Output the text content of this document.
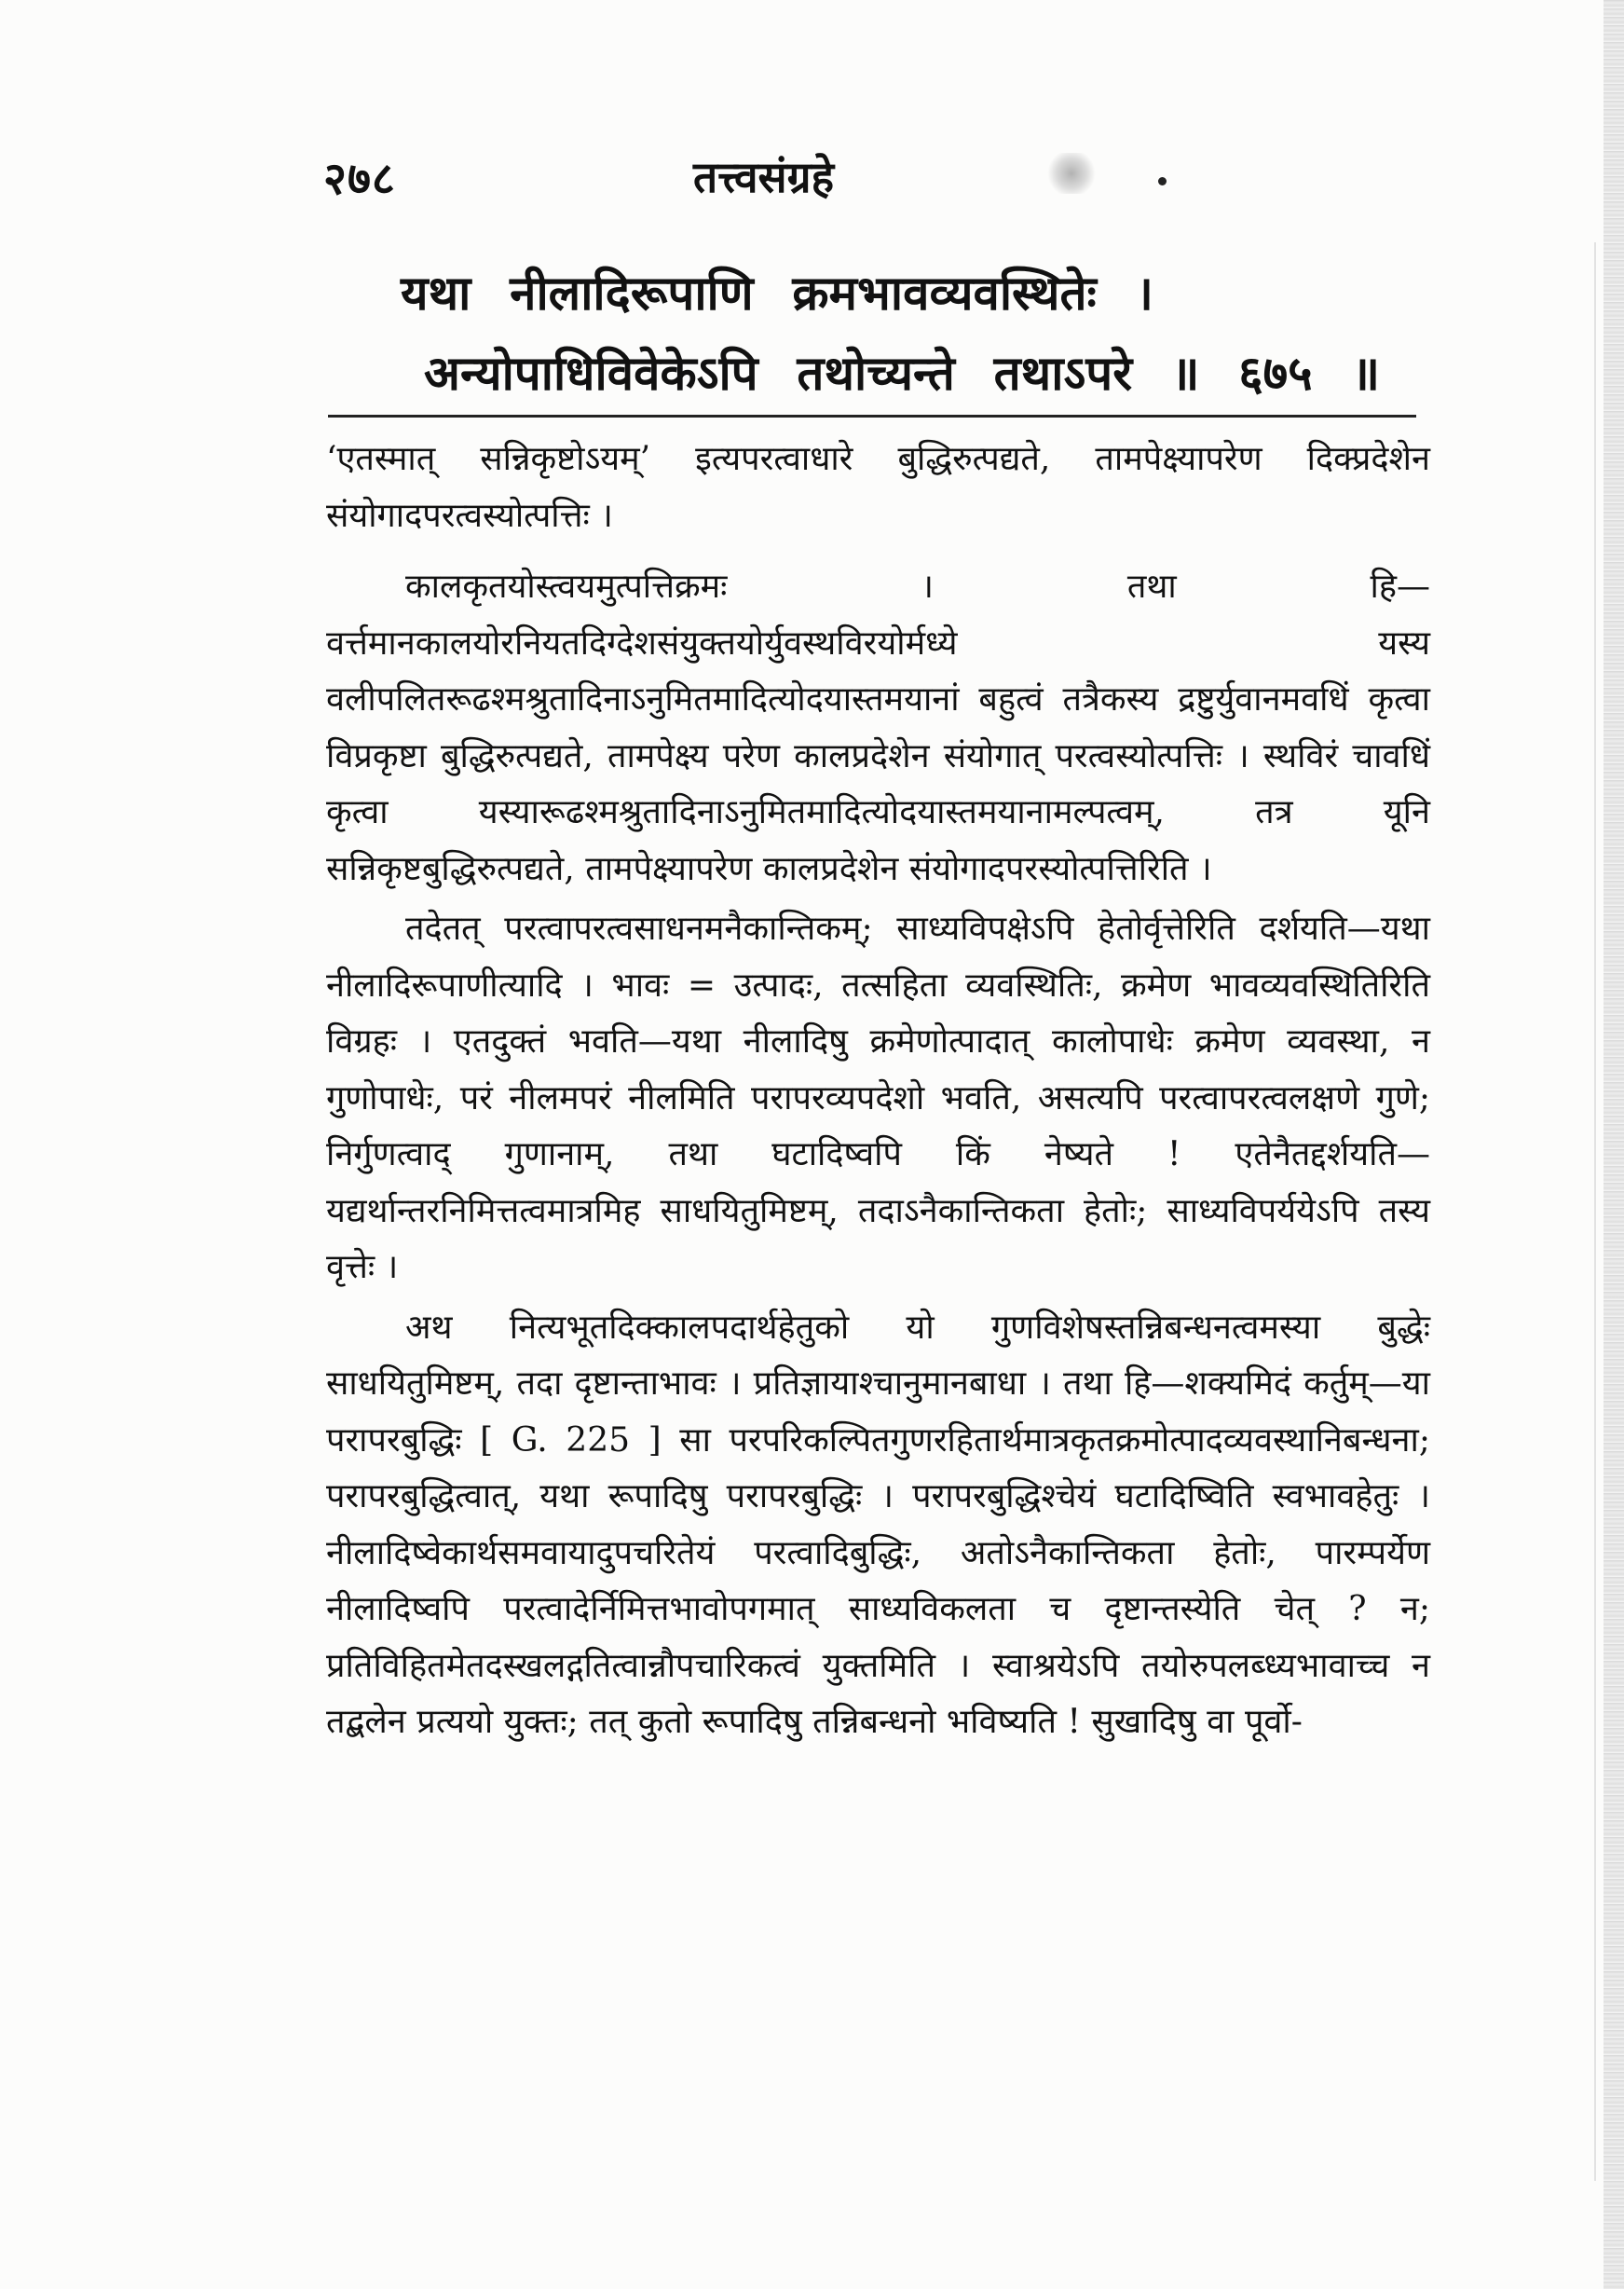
२७८	तत्त्वसंग्रहे
यथा नीलादिरूपाणि क्रमभावव्यवस्थितेः ।
अन्योपाधिविवेकेऽपि तथोच्यन्ते तथाऽपरे ॥ ६७५ ॥

‘एतस्मात् सन्निकृष्टोऽयम्’ इत्यपरत्वाधारे बुद्धिरुत्पद्यते, तामपेक्ष्यापरेण दिक्प्रदेशेन संयोगादपरत्वस्योत्पत्तिः ।

कालकृतयोस्त्वयमुत्पत्तिक्रमः । तथा हि—वर्त्तमानकालयोरनियतदिग्देशसंयुक्तयोर्युवस्थविरयोर्मध्ये यस्य वलीपलितरूढश्मश्रुतादिनाऽनुमितमादित्योदयास्तमयानां बहुत्वं तत्रैकस्य द्रष्टुर्युवानमवधिं कृत्वा विप्रकृष्टा बुद्धिरुत्पद्यते, तामपेक्ष्य परेण कालप्रदेशेन संयोगात् परत्वस्योत्पत्तिः । स्थविरं चावधिं कृत्वा यस्यारूढश्मश्रुतादिनाऽनुमितमादित्योदयास्तमयानामल्पत्वम्, तत्र यूनि सन्निकृष्टबुद्धिरुत्पद्यते, तामपेक्ष्यापरेण कालप्रदेशेन संयोगादपरस्योत्पत्तिरिति ।

तदेतत् परत्वापरत्वसाधनमनैकान्तिकम्; साध्यविपक्षेऽपि हेतोर्वृत्तेरिति दर्शयति—यथा नीलादिरूपाणीत्यादि । भावः = उत्पादः, तत्सहिता व्यवस्थितिः, क्रमेण भावव्यवस्थितिरिति विग्रहः । एतदुक्तं भवति—यथा नीलादिषु क्रमेणोत्पादात् कालोपाधेः क्रमेण व्यवस्था, न गुणोपाधेः, परं नीलमपरं नीलमिति परापरव्यपदेशो भवति, असत्यपि परत्वापरत्वलक्षणे गुणे; निर्गुणत्वाद् गुणानाम्, तथा घटादिष्वपि किं नेष्यते ! एतेनैतद्दर्शयति—यद्यर्थान्तरनिमित्तत्वमात्रमिह साधयितुमिष्टम्, तदाऽनैकान्तिकता हेतोः; साध्यविपर्ययेऽपि तस्य वृत्तेः ।

अथ नित्यभूतदिक्कालपदार्थहेतुको यो गुणविशेषस्तन्निबन्धनत्वमस्या बुद्धेः साधयितुमिष्टम्, तदा दृष्टान्ताभावः । प्रतिज्ञायाश्चानुमानबाधा । तथा हि—शक्यमिदं कर्तुम्—या परापरबुद्धिः [ G. 225 ] सा परपरिकल्पितगुणरहितार्थमात्रकृतक्रमोत्पादव्यवस्थानिबन्धना; परापरबुद्धित्वात्, यथा रूपादिषु परापरबुद्धिः । परापरबुद्धिश्चेयं घटादिष्विति स्वभावहेतुः । नीलादिष्वेकार्थसमवायादुपचरितेयं परत्वादिबुद्धिः, अतोऽनैकान्तिकता हेतोः, पारम्पर्येण नीलादिष्वपि परत्वादेर्निमित्तभावोपगमात् साध्यविकलता च दृष्टान्तस्येति चेत् ? न; प्रतिविहितमेतदस्खलद्गतित्वान्नौपचारिकत्वं युक्तमिति । स्वाश्रयेऽपि तयोरुपलब्ध्यभावाच्च न तद्बलेन प्रत्ययो युक्तः; तत् कुतो रूपादिषु तन्निबन्धनो भविष्यति ! सुखादिषु वा पूर्वो-
